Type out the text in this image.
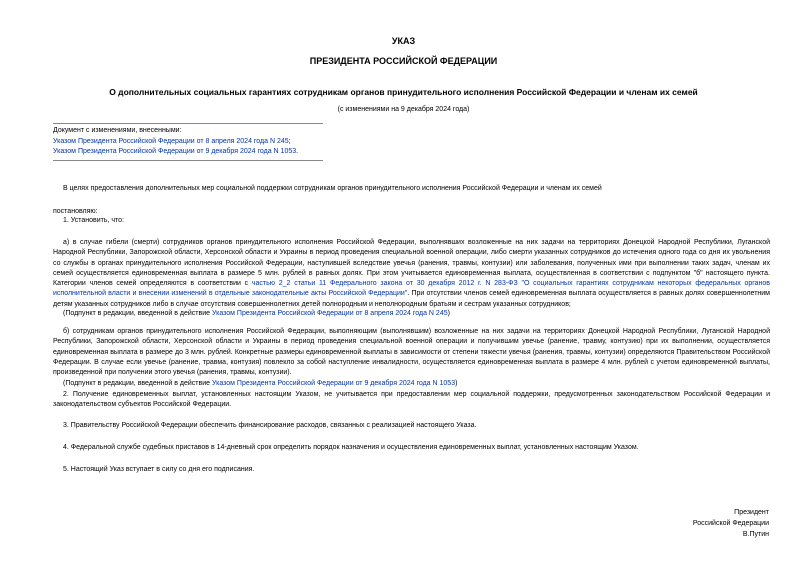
УКАЗ
ПРЕЗИДЕНТА РОССИЙСКОЙ ФЕДЕРАЦИИ
О дополнительных социальных гарантиях сотрудникам органов принудительного исполнения Российской Федерации и членам их семей
(с изменениями на 9 декабря 2024 года)
Документ с изменениями, внесенными:
Указом Президента Российской Федерации от 8 апреля 2024 года N 245;
Указом Президента Российской Федерации от 9 декабря 2024 года N 1053.
В целях предоставления дополнительных мер социальной поддержки сотрудникам органов принудительного исполнения Российской Федерации и членам их семей
постановляю:
1. Установить, что:
а) в случае гибели (смерти) сотрудников органов принудительного исполнения Российской Федерации, выполнявших возложенные на них задачи на территориях Донецкой Народной Республики, Луганской Народной Республики, Запорожской области, Херсонской области и Украины в период проведения специальной военной операции, либо смерти указанных сотрудников до истечения одного года со дня их увольнения со службы в органах принудительного исполнения Российской Федерации, наступившей вследствие увечья (ранения, травмы, контузии) или заболевания, полученных ими при выполнении таких задач, членам их семей осуществляется единовременная выплата в размере 5 млн. рублей в равных долях. При этом учитывается единовременная выплата, осуществленная в соответствии с подпунктом "б" настоящего пункта. Категории членов семей определяются в соответствии с частью 2_2 статьи 11 Федерального закона от 30 декабря 2012 г. N 283-ФЗ "О социальных гарантиях сотрудникам некоторых федеральных органов исполнительной власти и внесении изменений в отдельные законодательные акты Российской Федерации". При отсутствии членов семей единовременная выплата осуществляется в равных долях совершеннолетним детям указанных сотрудников либо в случае отсутствия совершеннолетних детей полнородным и неполнородным братьям и сестрам указанных сотрудников;
(Подпункт в редакции, введенной в действие Указом Президента Российской Федерации от 8 апреля 2024 года N 245)
б) сотрудникам органов принудительного исполнения Российской Федерации, выполняющим (выполнявшим) возложенные на них задачи на территориях Донецкой Народной Республики, Луганской Народной Республики, Запорожской области, Херсонской области и Украины в период проведения специальной военной операции и получившим увечье (ранение, травму, контузию) при их выполнении, осуществляется единовременная выплата в размере до 3 млн. рублей. Конкретные размеры единовременной выплаты в зависимости от степени тяжести увечья (ранения, травмы, контузии) определяются Правительством Российской Федерации. В случае если увечье (ранение, травма, контузия) повлекло за собой наступление инвалидности, осуществляется единовременная выплата в размере 4 млн. рублей с учетом единовременной выплаты, произведенной при получении этого увечья (ранения, травмы, контузии).
(Подпункт в редакции, введенной в действие Указом Президента Российской Федерации от 9 декабря 2024 года N 1053)
2. Получение единовременных выплат, установленных настоящим Указом, не учитывается при предоставлении мер социальной поддержки, предусмотренных законодательством Российской Федерации и законодательством субъектов Российской Федерации.
3. Правительству Российской Федерации обеспечить финансирование расходов, связанных с реализацией настоящего Указа.
4. Федеральной службе судебных приставов в 14-дневный срок определить порядок назначения и осуществления единовременных выплат, установленных настоящим Указом.
5. Настоящий Указ вступает в силу со дня его подписания.
Президент
Российской Федерации
В.Путин
